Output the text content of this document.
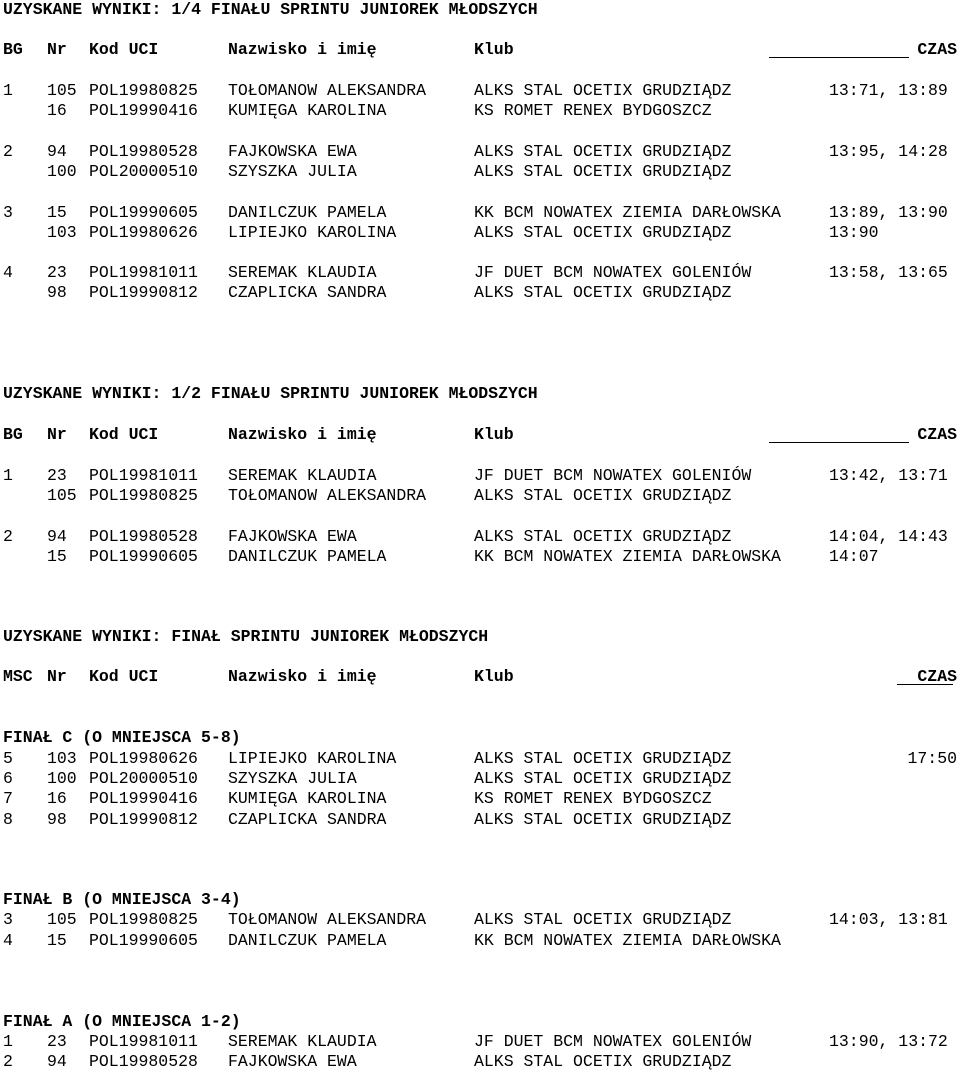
UZYSKANE WYNIKI: 1/4 FINAŁU SPRINTU JUNIOREK MŁODSZYCH
BG Nr Kod UCI	Nazwisko i imię	Klub	CZAS
1 105 POL19980825 TOŁOMANOW ALEKSANDRA	ALKS STAL OCETIX GRUDZIĄDZ	13:71, 13:89
16 POL19990416 KUMIĘGA KAROLINA	KS ROMET RENEX BYDGOSZCZ
2 94 POL19980528 FAJKOWSKA EWA	ALKS STAL OCETIX GRUDZIĄDZ	13:95, 14:28
100 POL20000510 SZYSZKA JULIA	ALKS STAL OCETIX GRUDZIĄDZ
3 15 POL19990605 DANILCZUK PAMELA	KK BCM NOWATEX ZIEMIA DARŁOWSKA	13:89, 13:90
103 POL19980626 LIPIEJKO KAROLINA	ALKS STAL OCETIX GRUDZIĄDZ	13:90
4 23 POL19981011 SEREMAK KLAUDIA	JF DUET BCM NOWATEX GOLENIÓW	13:58, 13:65
98 POL19990812 CZAPLICKA SANDRA	ALKS STAL OCETIX GRUDZIĄDZ
UZYSKANE WYNIKI: 1/2 FINAŁU SPRINTU JUNIOREK MŁODSZYCH
BG Nr Kod UCI	Nazwisko i imię	Klub	CZAS
1 23 POL19981011 SEREMAK KLAUDIA	JF DUET BCM NOWATEX GOLENIÓW	13:42, 13:71
105 POL19980825 TOŁOMANOW ALEKSANDRA	ALKS STAL OCETIX GRUDZIĄDZ
2 94 POL19980528 FAJKOWSKA EWA	ALKS STAL OCETIX GRUDZIĄDZ	14:04, 14:43
15 POL19990605 DANILCZUK PAMELA	KK BCM NOWATEX ZIEMIA DARŁOWSKA	14:07
UZYSKANE WYNIKI: FINAŁ SPRINTU JUNIOREK MŁODSZYCH
MSC Nr Kod UCI	Nazwisko i imię	Klub	CZAS
FINAŁ C (O MNIEJSCA 5-8)
5 103 POL19980626 LIPIEJKO KAROLINA	ALKS STAL OCETIX GRUDZIĄDZ	17:50
6 100 POL20000510 SZYSZKA JULIA	ALKS STAL OCETIX GRUDZIĄDZ
7 16 POL19990416 KUMIĘGA KAROLINA	KS ROMET RENEX BYDGOSZCZ
8 98 POL19990812 CZAPLICKA SANDRA	ALKS STAL OCETIX GRUDZIĄDZ
FINAŁ B (O MNIEJSCA 3-4)
3 105 POL19980825 TOŁOMANOW ALEKSANDRA	ALKS STAL OCETIX GRUDZIĄDZ	14:03, 13:81
4 15 POL19990605 DANILCZUK PAMELA	KK BCM NOWATEX ZIEMIA DARŁOWSKA
FINAŁ A (O MNIEJSCA 1-2)
1 23 POL19981011 SEREMAK KLAUDIA	JF DUET BCM NOWATEX GOLENIÓW	13:90, 13:72
2 94 POL19980528 FAJKOWSKA EWA	ALKS STAL OCETIX GRUDZIĄDZ
